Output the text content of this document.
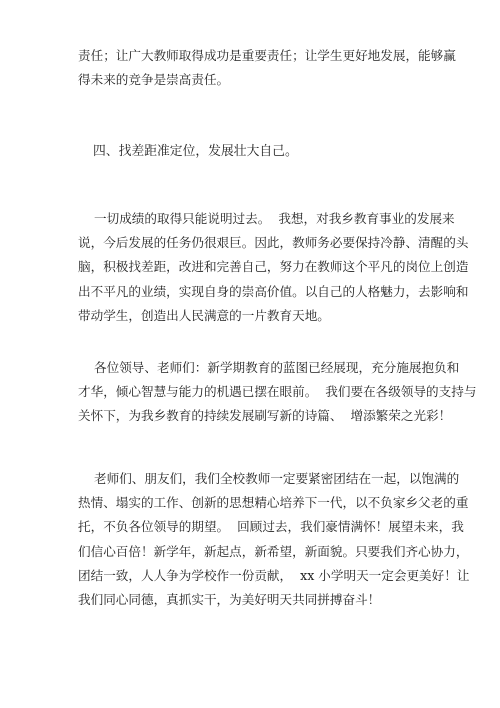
责任；让广大教师取得成功是重要责任；让学生更好地发展，能够赢
得未来的竞争是崇高责任。
四、找差距准定位，发展壮大自己。
一切成绩的取得只能说明过去。  我想，对我乡教育事业的发展来
说，今后发展的任务仍很艰巨。因此，教师务必要保持冷静、清醒的头
脑，积极找差距，改进和完善自己，努力在教师这个平凡的岗位上创造
出不平凡的业绩，实现自身的崇高价值。以自己的人格魅力，去影响和
带动学生，创造出人民满意的一片教育天地。
各位领导、老师们：新学期教育的蓝图已经展现，充分施展抱负和
才华，倾心智慧与能力的机遇已摆在眼前。  我们要在各级领导的支持与
关怀下，为我乡教育的持续发展刷写新的诗篇、  增添繁荣之光彩！
老师们、朋友们，我们全校教师一定要紧密团结在一起，以饱满的
热情、塌实的工作、创新的思想精心培养下一代，以不负家乡父老的重
托，不负各位领导的期望。  回顾过去，我们豪情满怀！展望未来，我
们信心百倍！新学年，新起点，新希望，新面貌。只要我们齐心协力，
团结一致，人人争为学校作一份贡献，  xx 小学明天一定会更美好！让
我们同心同德，真抓实干，为美好明天共同拼搏奋斗！
